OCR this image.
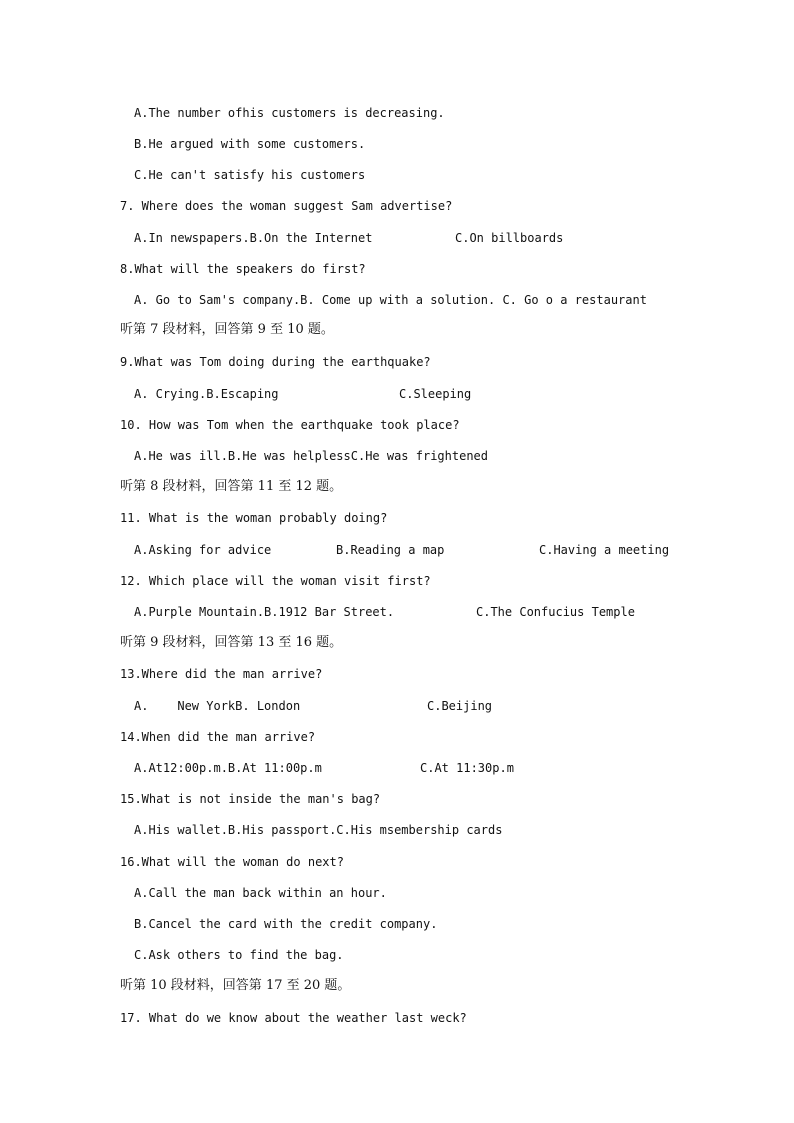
A.The number ofhis customers is decreasing.
B.He argued with some customers.
C.He can't satisfy his customers
7. Where does the woman suggest Sam advertise?
A.In newspapers.B.On the Internet	C.On billboards
8.What will the speakers do first?
A. Go to Sam's company.B. Come up with a solution. C. Go o a restaurant
听第 7 段材料，回答第 9 至 10 题。
9.What was Tom doing during the earthquake?
A. Crying.B.Escaping	C.Sleeping
10. How was Tom when the earthquake took place?
A.He was ill.B.He was helplessC.He was frightened
听第 8 段材料，回答第 11 至 12 题。
11. What is the woman probably doing?
A.Asking for advice	B.Reading a map	C.Having a meeting
12. Which place will the woman visit first?
A.Purple Mountain.B.1912 Bar Street.	C.The Confucius Temple
听第 9 段材料，回答第 13 至 16 题。
13.Where did the man arrive?
A.    New YorkB. London	C.Beijing
14.When did the man arrive?
A.At12:00p.m.B.At 11:00p.m	C.At 11:30p.m
15.What is not inside the man's bag?
A.His wallet.B.His passport.C.His msembership cards
16.What will the woman do next?
A.Call the man back within an hour.
B.Cancel the card with the credit company.
C.Ask others to find the bag.
听第 10 段材料，回答第 17 至 20 题。
17. What do we know about the weather last weck?
